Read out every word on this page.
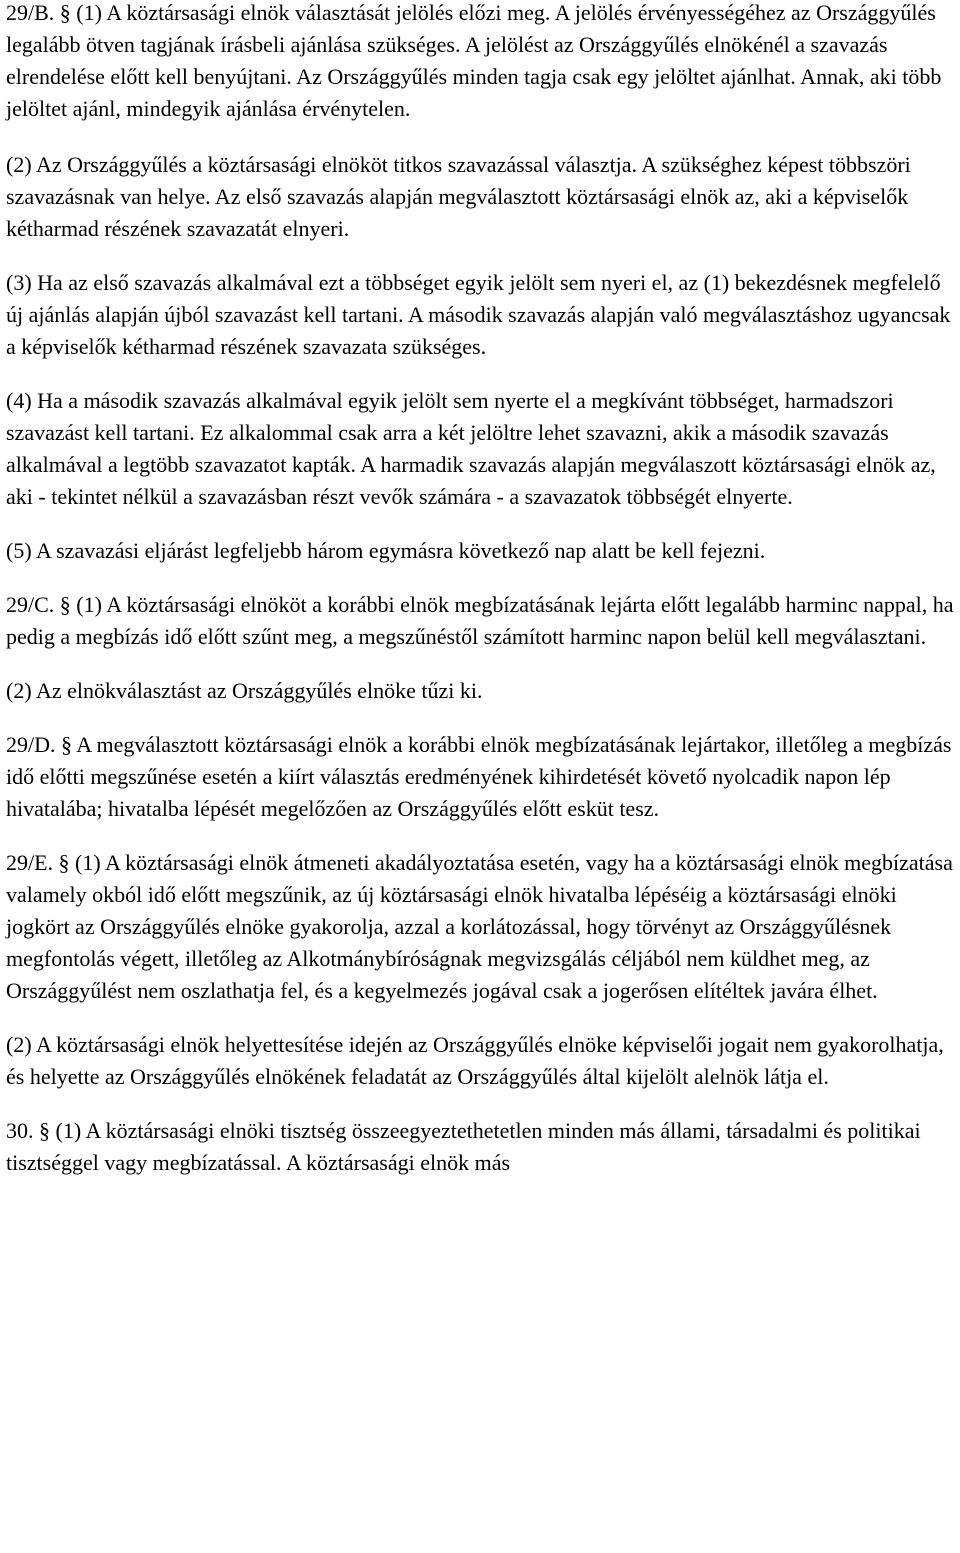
29/B. § (1) A köztársasági elnök választását jelölés előzi meg. A jelölés érvényességéhez az Országgyűlés legalább ötven tagjának írásbeli ajánlása szükséges. A jelölést az Országgyűlés elnökénél a szavazás elrendelése előtt kell benyújtani. Az Országgyűlés minden tagja csak egy jelöltet ajánlhat. Annak, aki több jelöltet ajánl, mindegyik ajánlása érvénytelen.

(2) Az Országgyűlés a köztársasági elnököt titkos szavazással választja. A szükséghez képest többszöri szavazásnak van helye. Az első szavazás alapján megválasztott köztársasági elnök az, aki a képviselők kétharmad részének szavazatát elnyeri.

(3) Ha az első szavazás alkalmával ezt a többséget egyik jelölt sem nyeri el, az (1) bekezdésnek megfelelő új ajánlás alapján újból szavazást kell tartani. A második szavazás alapján való megválasztáshoz ugyancsak a képviselők kétharmad részének szavazata szükséges.

(4) Ha a második szavazás alkalmával egyik jelölt sem nyerte el a megkívánt többséget, harmadszori szavazást kell tartani. Ez alkalommal csak arra a két jelöltre lehet szavazni, akik a második szavazás alkalmával a legtöbb szavazatot kapták. A harmadik szavazás alapján megválaszott köztársasági elnök az, aki - tekintet nélkül a szavazásban részt vevők számára - a szavazatok többségét elnyerte.

(5) A szavazási eljárást legfeljebb három egymásra következő nap alatt be kell fejezni.

29/C. § (1) A köztársasági elnököt a korábbi elnök megbízatásának lejárta előtt legalább harminc nappal, ha pedig a megbízás idő előtt szűnt meg, a megszűnéstől számított harminc napon belül kell megválasztani.

(2) Az elnökválasztást az Országgyűlés elnöke tűzi ki.

29/D. § A megválasztott köztársasági elnök a korábbi elnök megbízatásának lejártakor, illetőleg a megbízás idő előtti megszűnése esetén a kiírt választás eredményének kihirdetését követő nyolcadik napon lép hivatalába; hivatalba lépését megelőzően az Országgyűlés előtt esküt tesz.

29/E. § (1) A köztársasági elnök átmeneti akadályoztatása esetén, vagy ha a köztársasági elnök megbízatása valamely okból idő előtt megszűnik, az új köztársasági elnök hivatalba lépéséig a köztársasági elnöki jogkört az Országgyűlés elnöke gyakorolja, azzal a korlátozással, hogy törvényt az Országgyűlésnek megfontolás végett, illetőleg az Alkotmánybíróságnak megvizsgálás céljából nem küldhet meg, az Országgyűlést nem oszlathatja fel, és a kegyelmezés jogával csak a jogerősen elítéltek javára élhet.

(2) A köztársasági elnök helyettesítése idején az Országgyűlés elnöke képviselői jogait nem gyakorolhatja, és helyette az Országgyűlés elnökének feladatát az Országgyűlés által kijelölt alelnök látja el.

30. § (1) A köztársasági elnöki tisztség összeegyeztethetetlen minden más állami, társadalmi és politikai tisztséggel vagy megbízatással. A köztársasági elnök más
